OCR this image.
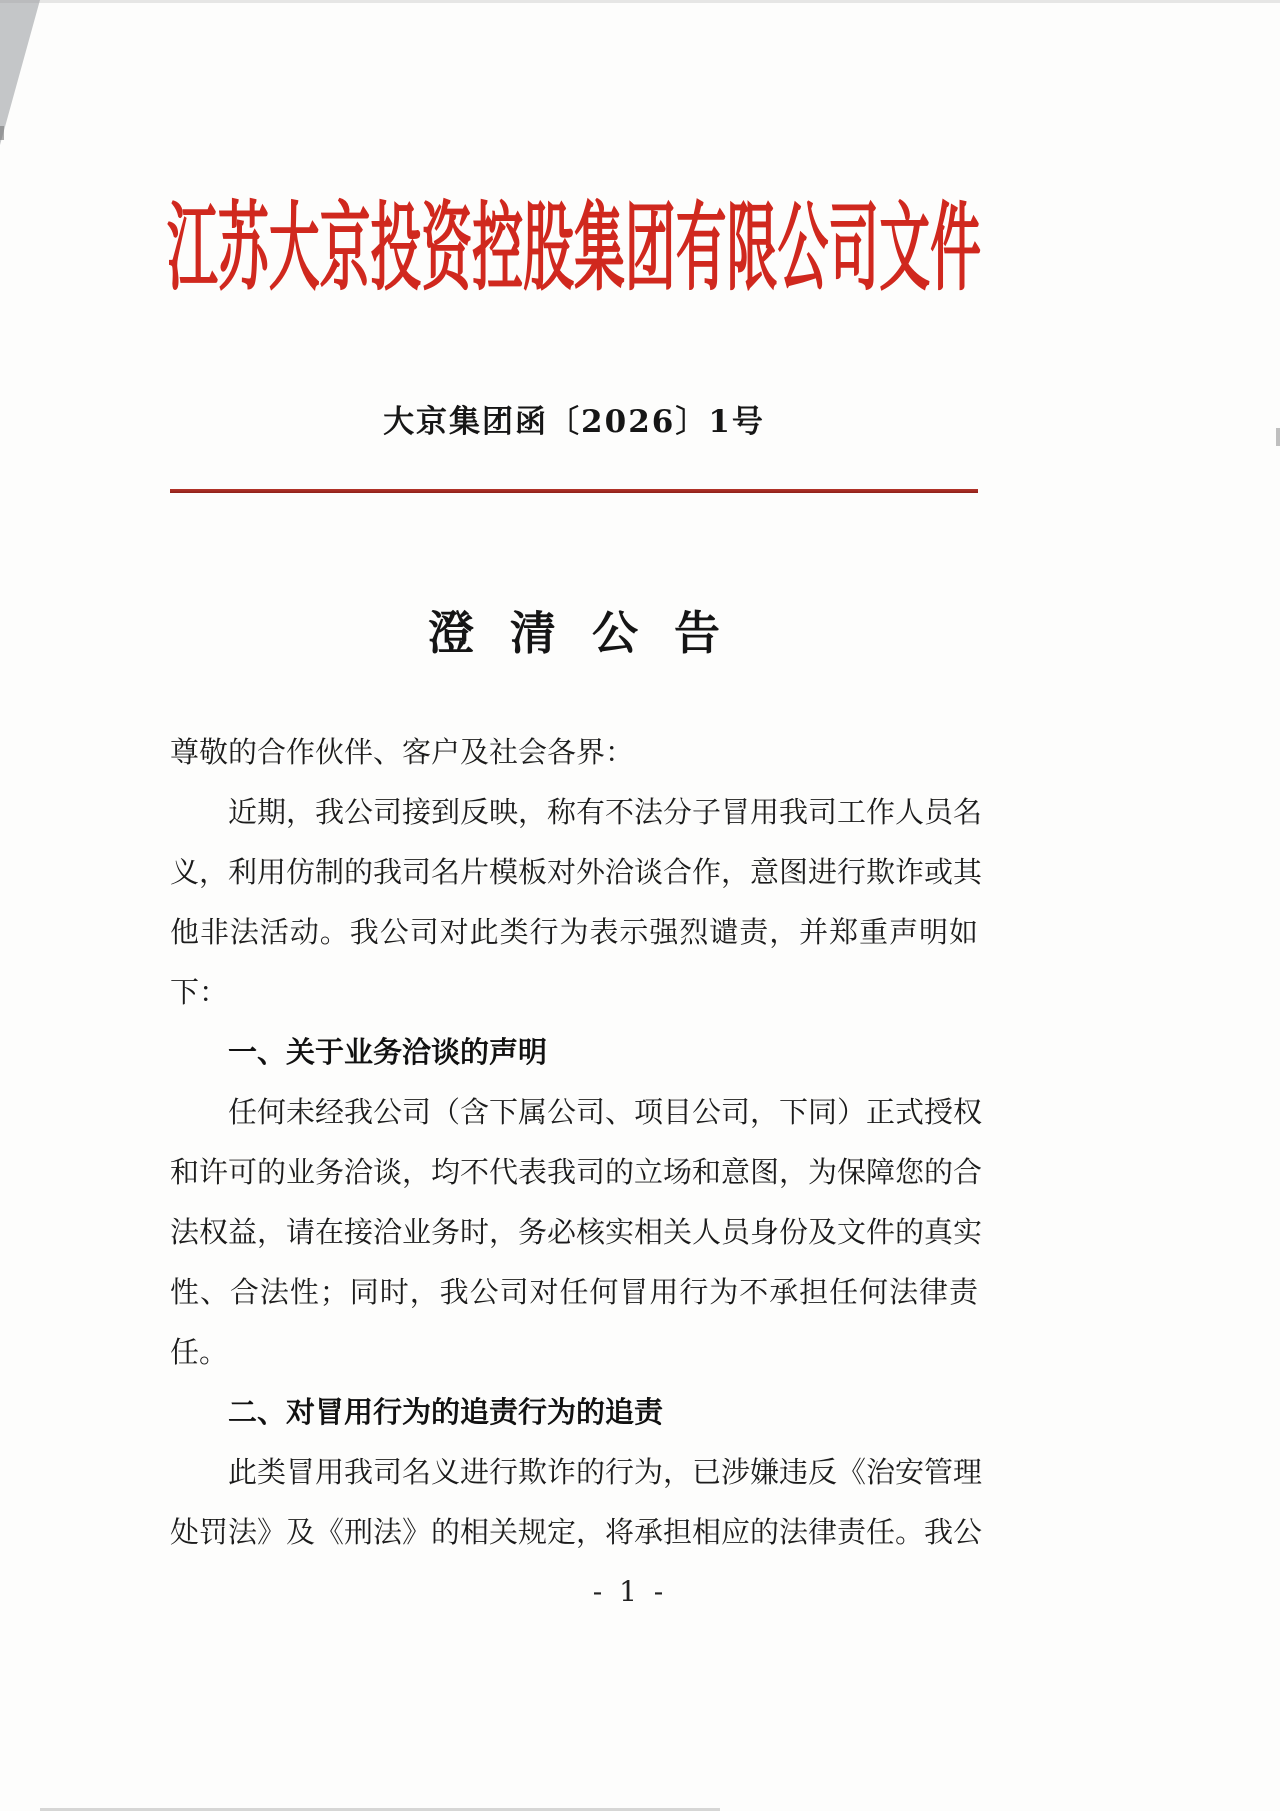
江苏大京投资控股集团有限公司文件
大京集团函〔2026〕1号
澄清公告
尊敬的合作伙伴、客户及社会各界：
近期，我公司接到反映，称有不法分子冒用我司工作人员名
义，利用仿制的我司名片模板对外洽谈合作，意图进行欺诈或其
他非法活动。我公司对此类行为表示强烈谴责，并郑重声明如
下：
一、关于业务洽谈的声明
任何未经我公司（含下属公司、项目公司，下同）正式授权
和许可的业务洽谈，均不代表我司的立场和意图，为保障您的合
法权益，请在接洽业务时，务必核实相关人员身份及文件的真实
性、合法性；同时，我公司对任何冒用行为不承担任何法律责
任。
二、对冒用行为的追责行为的追责
此类冒用我司名义进行欺诈的行为，已涉嫌违反《治安管理
处罚法》及《刑法》的相关规定，将承担相应的法律责任。我公
- 1 -
